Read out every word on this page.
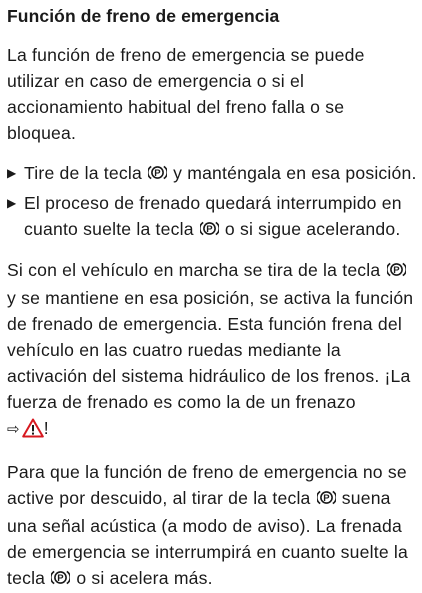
Función de freno de emergencia

La función de freno de emergencia se puede utilizar en caso de emergencia o si el accionamiento habitual del freno falla o se bloquea.

▶ Tire de la tecla P y manténgala en esa posición.
▶ El proceso de frenado quedará interrumpido en cuanto suelte la tecla P o si sigue acelerando.

Si con el vehículo en marcha se tira de la tecla P
y se mantiene en esa posición, se activa la función de frenado de emergencia. Esta función frena del vehículo en las cuatro ruedas mediante la activación del sistema hidráulico de los frenos. ¡La fuerza de frenado es como la de un frenazo
⇨ !

Para que la función de freno de emergencia no se active por descuido, al tirar de la tecla P suena una señal acústica (a modo de aviso). La frenada de emergencia se interrumpirá en cuanto suelte la tecla P o si acelera más.
